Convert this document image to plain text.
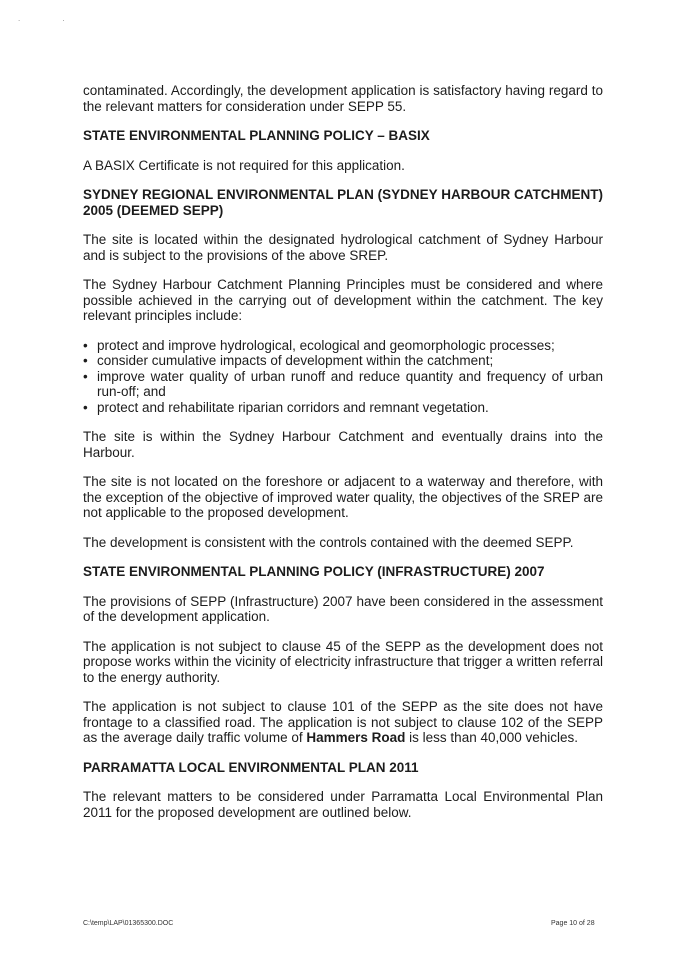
. .

contaminated. Accordingly, the development application is satisfactory having regard to the relevant matters for consideration under SEPP 55.

STATE ENVIRONMENTAL PLANNING POLICY – BASIX

A BASIX Certificate is not required for this application.

SYDNEY REGIONAL ENVIRONMENTAL PLAN (SYDNEY HARBOUR CATCHMENT) 2005 (DEEMED SEPP)

The site is located within the designated hydrological catchment of Sydney Harbour and is subject to the provisions of the above SREP.

The Sydney Harbour Catchment Planning Principles must be considered and where possible achieved in the carrying out of development within the catchment. The key relevant principles include:

• protect and improve hydrological, ecological and geomorphologic processes;
• consider cumulative impacts of development within the catchment;
• improve water quality of urban runoff and reduce quantity and frequency of urban run-off; and
• protect and rehabilitate riparian corridors and remnant vegetation.

The site is within the Sydney Harbour Catchment and eventually drains into the Harbour.

The site is not located on the foreshore or adjacent to a waterway and therefore, with the exception of the objective of improved water quality, the objectives of the SREP are not applicable to the proposed development.

The development is consistent with the controls contained with the deemed SEPP.

STATE ENVIRONMENTAL PLANNING POLICY (INFRASTRUCTURE) 2007

The provisions of SEPP (Infrastructure) 2007 have been considered in the assessment of the development application.

The application is not subject to clause 45 of the SEPP as the development does not propose works within the vicinity of electricity infrastructure that trigger a written referral to the energy authority.

The application is not subject to clause 101 of the SEPP as the site does not have frontage to a classified road. The application is not subject to clause 102 of the SEPP as the average daily traffic volume of Hammers Road is less than 40,000 vehicles.

PARRAMATTA LOCAL ENVIRONMENTAL PLAN 2011

The relevant matters to be considered under Parramatta Local Environmental Plan 2011 for the proposed development are outlined below.

C:\temp\LAP\01365300.DOC	Page 10 of 28
